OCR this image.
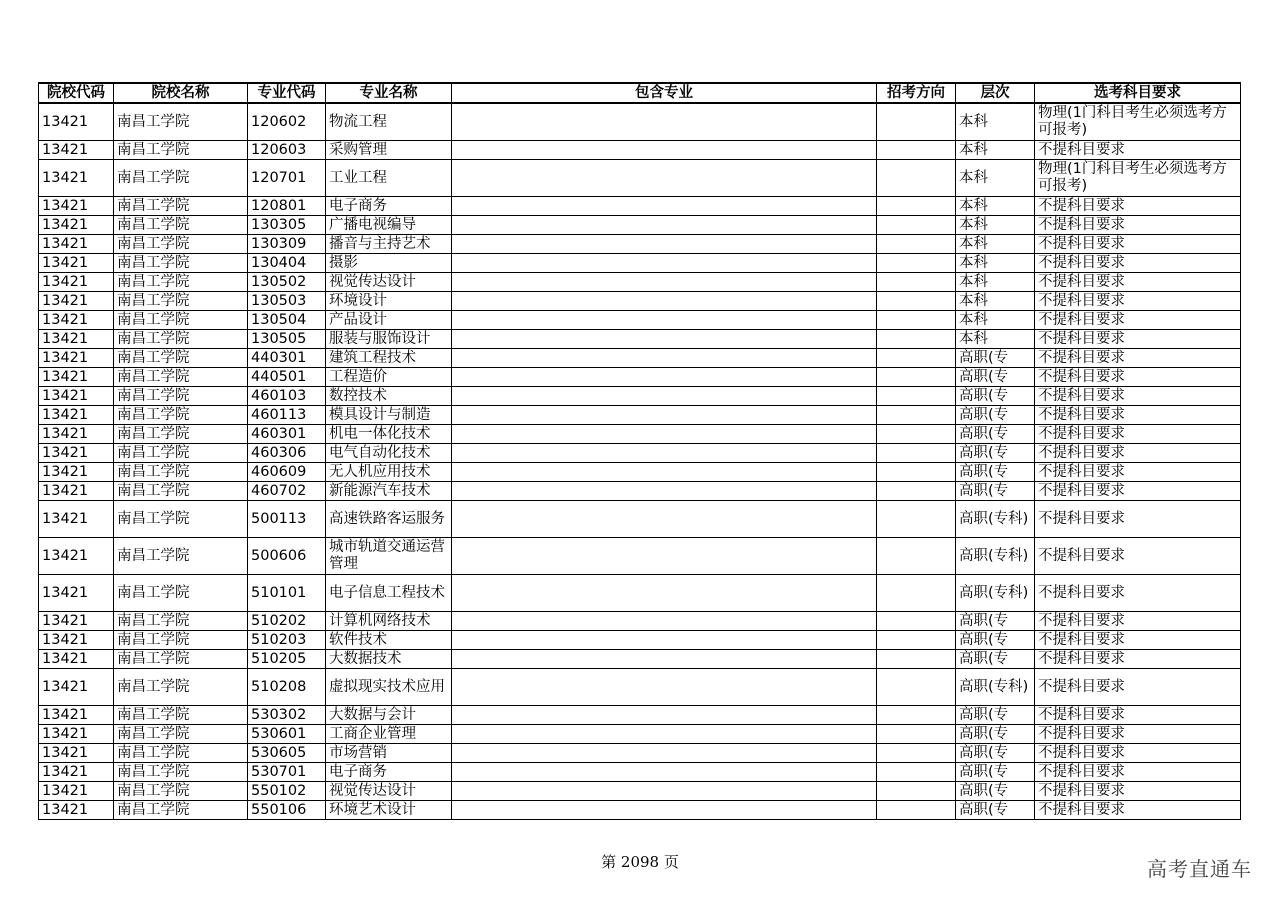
院校代码	院校名称	专业代码	专业名称	包含专业	招考方向	层次	选考科目要求
13421	南昌工学院	120602	物流工程			本科	物理(1门科目考生必须选考方可报考)
13421	南昌工学院	120603	采购管理			本科	不提科目要求
13421	南昌工学院	120701	工业工程			本科	物理(1门科目考生必须选考方可报考)
13421	南昌工学院	120801	电子商务			本科	不提科目要求
13421	南昌工学院	130305	广播电视编导			本科	不提科目要求
13421	南昌工学院	130309	播音与主持艺术			本科	不提科目要求
13421	南昌工学院	130404	摄影			本科	不提科目要求
13421	南昌工学院	130502	视觉传达设计			本科	不提科目要求
13421	南昌工学院	130503	环境设计			本科	不提科目要求
13421	南昌工学院	130504	产品设计			本科	不提科目要求
13421	南昌工学院	130505	服装与服饰设计			本科	不提科目要求
13421	南昌工学院	440301	建筑工程技术			高职(专	不提科目要求
13421	南昌工学院	440501	工程造价			高职(专	不提科目要求
13421	南昌工学院	460103	数控技术			高职(专	不提科目要求
13421	南昌工学院	460113	模具设计与制造			高职(专	不提科目要求
13421	南昌工学院	460301	机电一体化技术			高职(专	不提科目要求
13421	南昌工学院	460306	电气自动化技术			高职(专	不提科目要求
13421	南昌工学院	460609	无人机应用技术			高职(专	不提科目要求
13421	南昌工学院	460702	新能源汽车技术			高职(专	不提科目要求
13421	南昌工学院	500113	高速铁路客运服务			高职(专科)	不提科目要求
13421	南昌工学院	500606	城市轨道交通运营管理			高职(专科)	不提科目要求
13421	南昌工学院	510101	电子信息工程技术			高职(专科)	不提科目要求
13421	南昌工学院	510202	计算机网络技术			高职(专	不提科目要求
13421	南昌工学院	510203	软件技术			高职(专	不提科目要求
13421	南昌工学院	510205	大数据技术			高职(专	不提科目要求
13421	南昌工学院	510208	虚拟现实技术应用			高职(专科)	不提科目要求
13421	南昌工学院	530302	大数据与会计			高职(专	不提科目要求
13421	南昌工学院	530601	工商企业管理			高职(专	不提科目要求
13421	南昌工学院	530605	市场营销			高职(专	不提科目要求
13421	南昌工学院	530701	电子商务			高职(专	不提科目要求
13421	南昌工学院	550102	视觉传达设计			高职(专	不提科目要求
13421	南昌工学院	550106	环境艺术设计			高职(专	不提科目要求
第 2098 页	高考直通车
